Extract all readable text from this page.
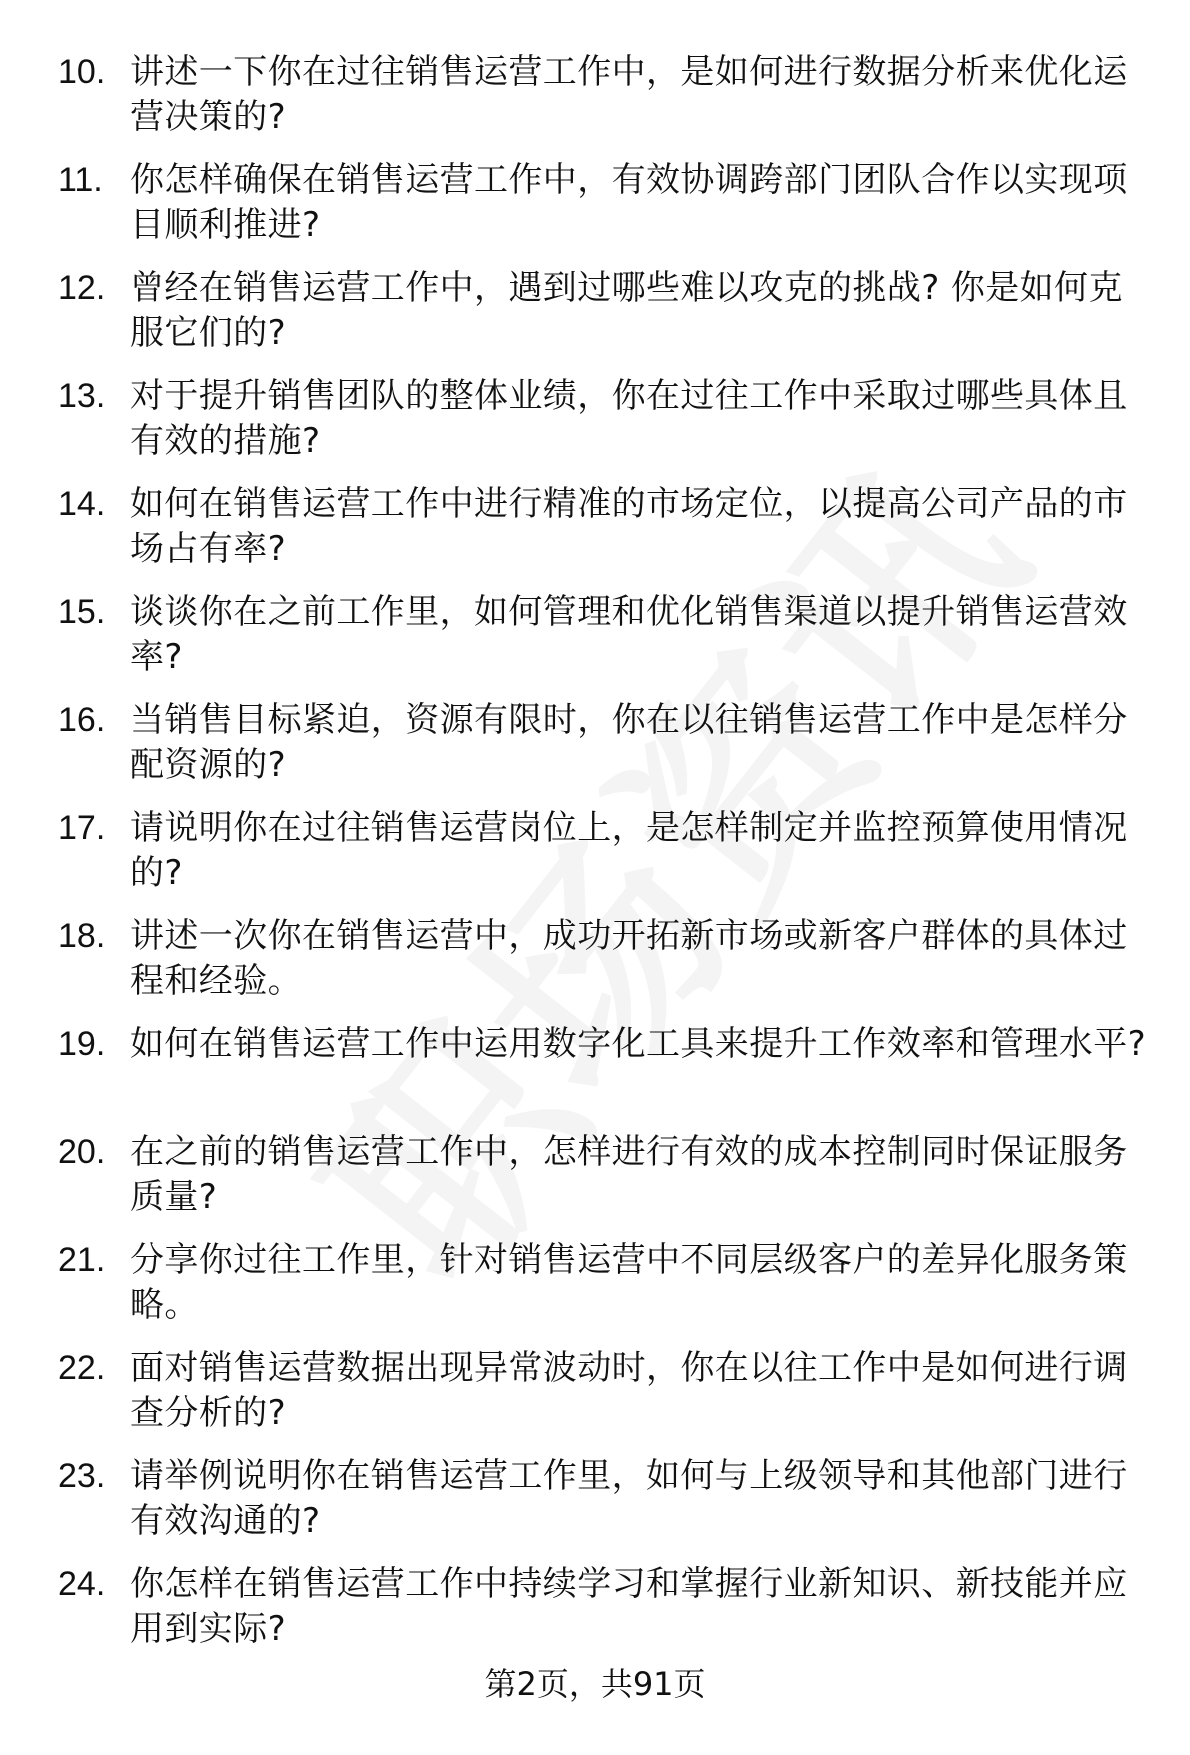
10. 讲述一下你在过往销售运营工作中，是如何进行数据分析来优化运营决策的?
11. 你怎样确保在销售运营工作中，有效协调跨部门团队合作以实现项目顺利推进?
12. 曾经在销售运营工作中，遇到过哪些难以攻克的挑战? 你是如何克服它们的?
13. 对于提升销售团队的整体业绩，你在过往工作中采取过哪些具体且有效的措施?
14. 如何在销售运营工作中进行精准的市场定位，以提高公司产品的市场占有率?
15. 谈谈你在之前工作里，如何管理和优化销售渠道以提升销售运营效率?
16. 当销售目标紧迫，资源有限时，你在以往销售运营工作中是怎样分配资源的?
17. 请说明你在过往销售运营岗位上，是怎样制定并监控预算使用情况的?
18. 讲述一次你在销售运营中，成功开拓新市场或新客户群体的具体过程和经验。
19. 如何在销售运营工作中运用数字化工具来提升工作效率和管理水平?
20. 在之前的销售运营工作中，怎样进行有效的成本控制同时保证服务质量?
21. 分享你过往工作里，针对销售运营中不同层级客户的差异化服务策略。
22. 面对销售运营数据出现异常波动时，你在以往工作中是如何进行调查分析的?
23. 请举例说明你在销售运营工作里，如何与上级领导和其他部门进行有效沟通的?
24. 你怎样在销售运营工作中持续学习和掌握行业新知识、新技能并应用到实际?
第2页，共91页
